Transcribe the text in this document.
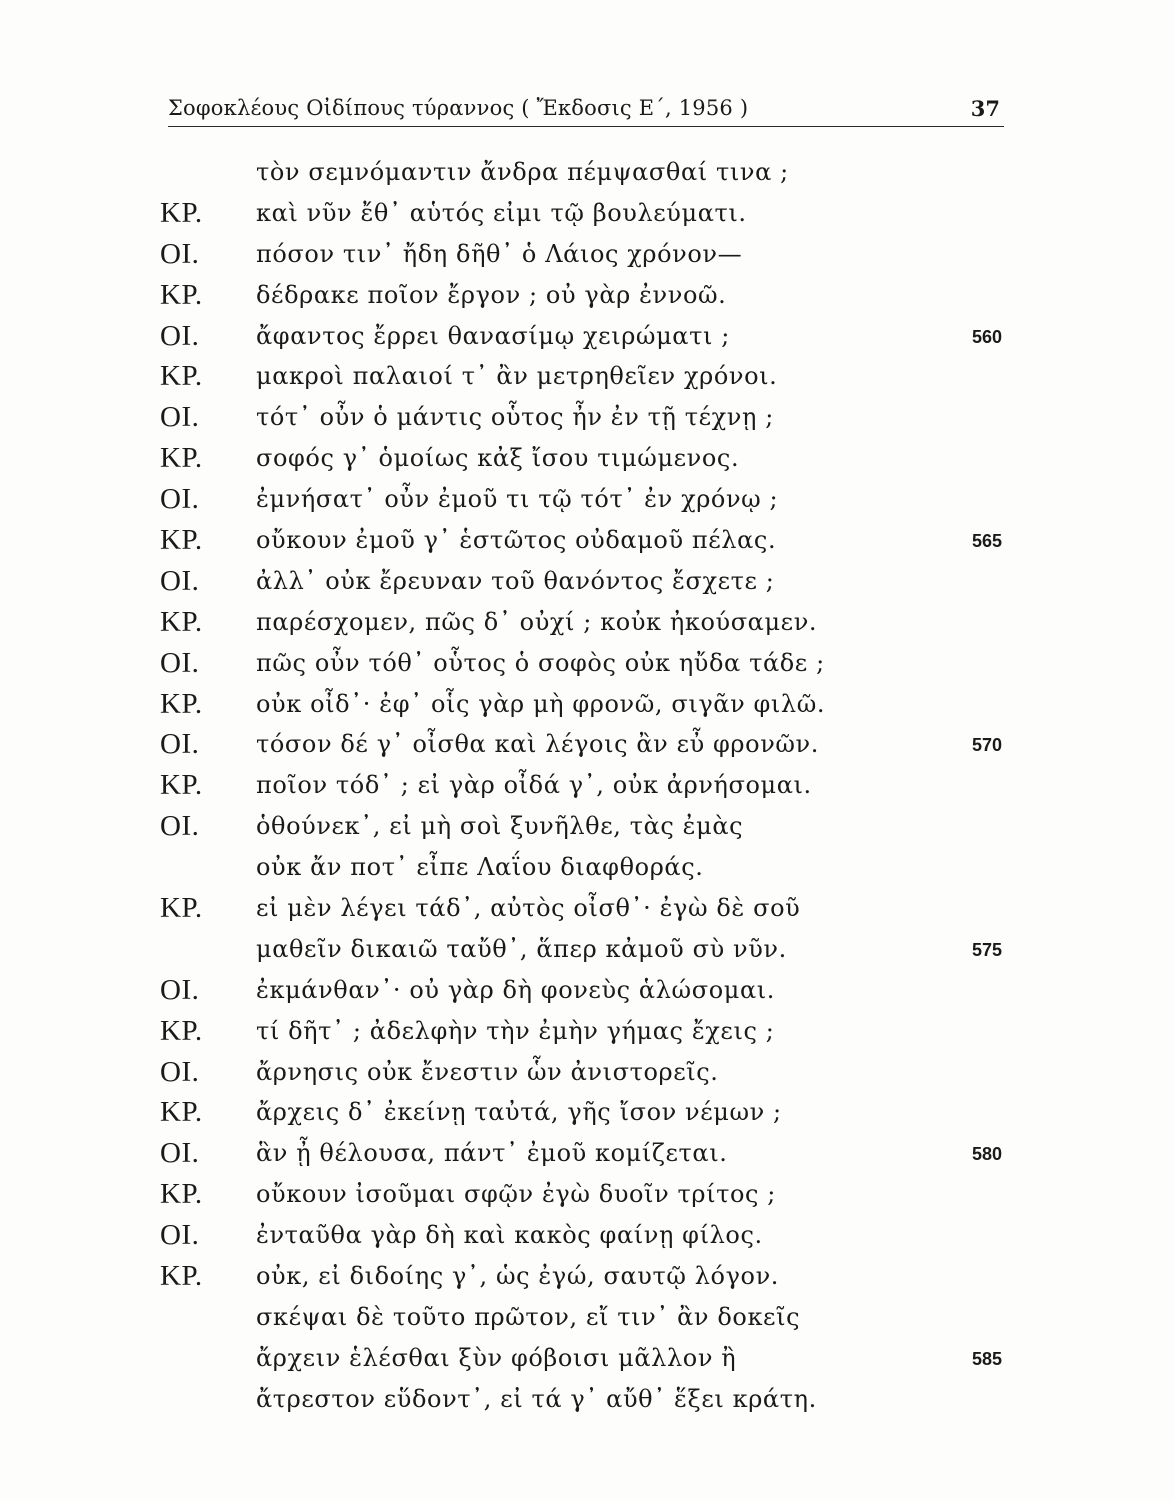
Σοφοκλέους Οἰδίπους τύραννος ( Ἔκδοσις Ε΄, 1956 )	37
τὸν σεμνόμαντιν ἄνδρα πέμψασθαί τινα ;
ΚΡ. καὶ νῦν ἔθ᾽ αὑτός εἰμι τῷ βουλεύματι.
ΟΙ. πόσον τιν᾽ ἤδη δῆθ᾽ ὁ Λάιος χρόνον—
ΚΡ. δέδρακε ποῖον ἔργον ; οὐ γὰρ ἐννοῶ.
ΟΙ. ἄφαντος ἔρρει θανασίμῳ χειρώματι ;	560
ΚΡ. μακροὶ παλαιοί τ᾽ ἂν μετρηθεῖεν χρόνοι.
ΟΙ. τότ᾽ οὖν ὁ μάντις οὗτος ἦν ἐν τῇ τέχνῃ ;
ΚΡ. σοφός γ᾽ ὁμοίως κἀξ ἴσου τιμώμενος.
ΟΙ. ἐμνήσατ᾽ οὖν ἐμοῦ τι τῷ τότ᾽ ἐν χρόνῳ ;
ΚΡ. οὔκουν ἐμοῦ γ᾽ ἑστῶτος οὐδαμοῦ πέλας.	565
ΟΙ. ἀλλ᾽ οὐκ ἔρευναν τοῦ θανόντος ἔσχετε ;
ΚΡ. παρέσχομεν, πῶς δ᾽ οὐχί ; κοὐκ ἠκούσαμεν.
ΟΙ. πῶς οὖν τόθ᾽ οὗτος ὁ σοφὸς οὐκ ηὔδα τάδε ;
ΚΡ. οὐκ οἶδ᾽· ἐφ᾽ οἷς γὰρ μὴ φρονῶ, σιγᾶν φιλῶ.
ΟΙ. τόσον δέ γ᾽ οἶσθα καὶ λέγοις ἂν εὖ φρονῶν.	570
ΚΡ. ποῖον τόδ᾽ ; εἰ γὰρ οἶδά γ᾽, οὐκ ἀρνήσομαι.
ΟΙ. ὁθούνεκ᾽, εἰ μὴ σοὶ ξυνῆλθε, τὰς ἐμὰς
οὐκ ἄν ποτ᾽ εἶπε Λαΐου διαφθοράς.
ΚΡ. εἰ μὲν λέγει τάδ᾽, αὐτὸς οἶσθ᾽· ἐγὼ δὲ σοῦ
μαθεῖν δικαιῶ ταὔθ᾽, ἅπερ κἀμοῦ σὺ νῦν.	575
ΟΙ. ἐκμάνθαν᾽· οὐ γὰρ δὴ φονεὺς ἁλώσομαι.
ΚΡ. τί δῆτ᾽ ; ἀδελφὴν τὴν ἐμὴν γήμας ἔχεις ;
ΟΙ. ἄρνησις οὐκ ἔνεστιν ὧν ἀνιστορεῖς.
ΚΡ. ἄρχεις δ᾽ ἐκείνῃ ταὐτά, γῆς ἴσον νέμων ;
ΟΙ. ἃν ᾖ θέλουσα, πάντ᾽ ἐμοῦ κομίζεται.	580
ΚΡ. οὔκουν ἰσοῦμαι σφῷν ἐγὼ δυοῖν τρίτος ;
ΟΙ. ἐνταῦθα γὰρ δὴ καὶ κακὸς φαίνῃ φίλος.
ΚΡ. οὐκ, εἰ διδοίης γ᾽, ὡς ἐγώ, σαυτῷ λόγον.
σκέψαι δὲ τοῦτο πρῶτον, εἴ τιν᾽ ἂν δοκεῖς
ἄρχειν ἑλέσθαι ξὺν φόβοισι μᾶλλον ἢ	585
ἄτρεστον εὕδοντ᾽, εἰ τά γ᾽ αὔθ᾽ ἕξει κράτη.
